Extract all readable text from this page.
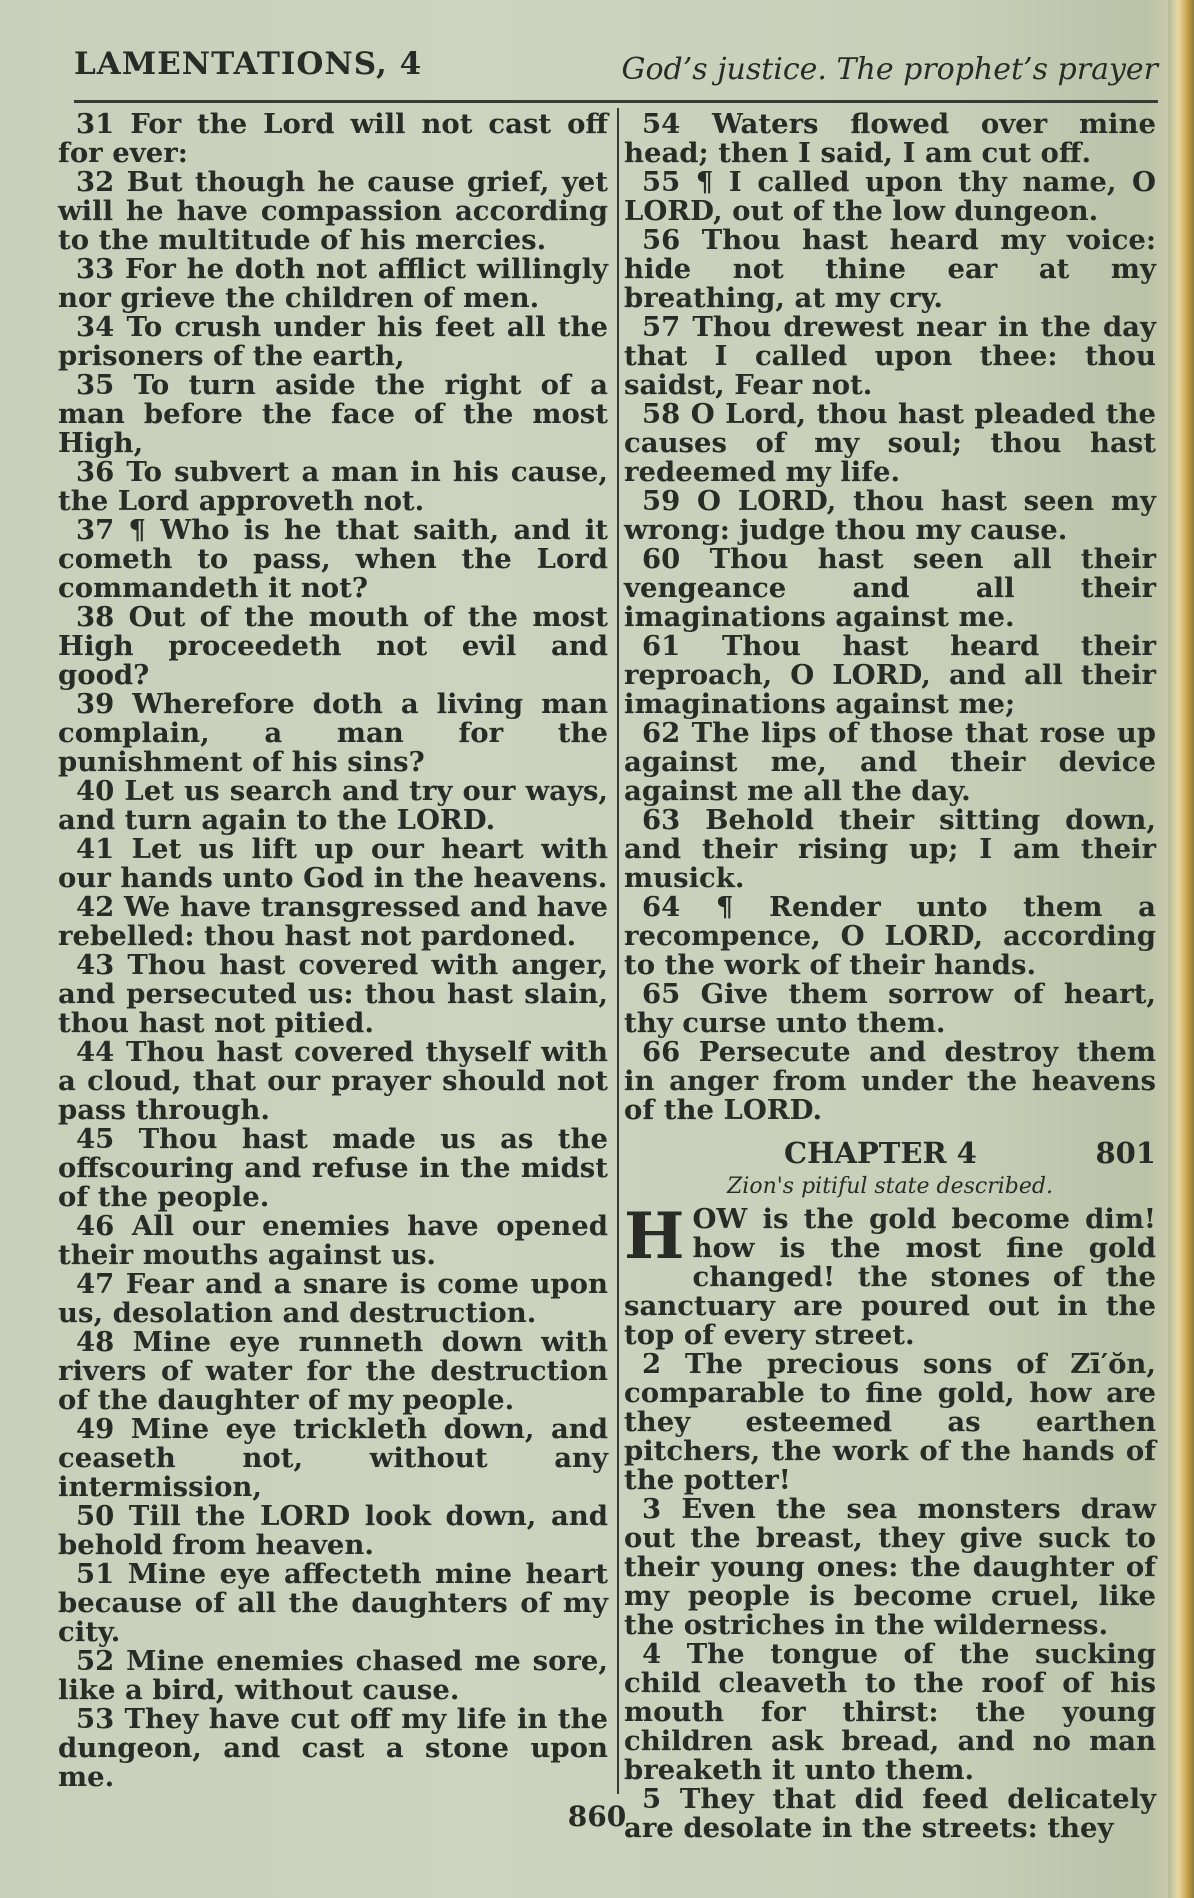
LAMENTATIONS, 4	God’s justice. The prophet’s prayer

31 For the Lord will not cast off for ever:

32 But though he cause grief, yet will he have compassion according to the multitude of his mercies.

33 For he doth not afflict willingly nor grieve the children of men.

34 To crush under his feet all the prisoners of the earth,

35 To turn aside the right of a man before the face of the most High,

36 To subvert a man in his cause, the Lord approveth not.

37 ¶ Who is he that saith, and it cometh to pass, when the Lord commandeth it not?

38 Out of the mouth of the most High proceedeth not evil and good?

39 Wherefore doth a living man complain, a man for the punishment of his sins?

40 Let us search and try our ways, and turn again to the LORD.

41 Let us lift up our heart with our hands unto God in the heavens.

42 We have transgressed and have rebelled: thou hast not pardoned.

43 Thou hast covered with anger, and persecuted us: thou hast slain, thou hast not pitied.

44 Thou hast covered thyself with a cloud, that our prayer should not pass through.

45 Thou hast made us as the offscouring and refuse in the midst of the people.

46 All our enemies have opened their mouths against us.

47 Fear and a snare is come upon us, desolation and destruction.

48 Mine eye runneth down with rivers of water for the destruction of the daughter of my people.

49 Mine eye trickleth down, and ceaseth not, without any intermission,

50 Till the LORD look down, and behold from heaven.

51 Mine eye affecteth mine heart because of all the daughters of my city.

52 Mine enemies chased me sore, like a bird, without cause.

53 They have cut off my life in the dungeon, and cast a stone upon me.

54 Waters flowed over mine head; then I said, I am cut off.

55 ¶ I called upon thy name, O LORD, out of the low dungeon.

56 Thou hast heard my voice: hide not thine ear at my breathing, at my cry.

57 Thou drewest near in the day that I called upon thee: thou saidst, Fear not.

58 O Lord, thou hast pleaded the causes of my soul; thou hast redeemed my life.

59 O LORD, thou hast seen my wrong: judge thou my cause.

60 Thou hast seen all their vengeance and all their imaginations against me.

61 Thou hast heard their reproach, O LORD, and all their imaginations against me;

62 The lips of those that rose up against me, and their device against me all the day.

63 Behold their sitting down, and their rising up; I am their musick.

64 ¶ Render unto them a recompence, O LORD, according to the work of their hands.

65 Give them sorrow of heart, thy curse unto them.

66 Persecute and destroy them in anger from under the heavens of the LORD.

CHAPTER 4	801
Zion's pitiful state described.

HOW is the gold become dim! how is the most fine gold changed! the stones of the sanctuary are poured out in the top of every street.

2 The precious sons of Zī′ŏn, comparable to fine gold, how are they esteemed as earthen pitchers, the work of the hands of the potter!

3 Even the sea monsters draw out the breast, they give suck to their young ones: the daughter of my people is become cruel, like the ostriches in the wilderness.

4 The tongue of the sucking child cleaveth to the roof of his mouth for thirst: the young children ask bread, and no man breaketh it unto them.

5 They that did feed delicately are desolate in the streets: they

860
